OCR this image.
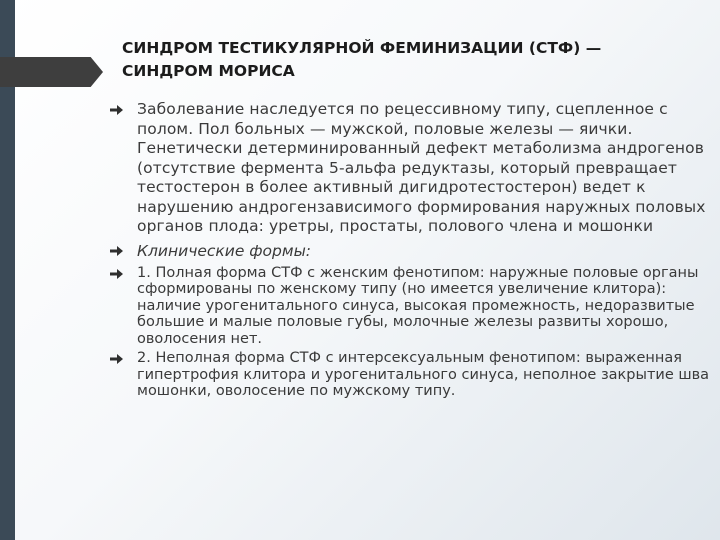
СИНДРОМ ТЕСТИКУЛЯРНОЙ ФЕМИНИЗАЦИИ (СТФ) — СИНДРОМ МОРИСА
Заболевание наследуется по рецессивному типу, сцепленное с полом. Пол больных — мужской, половые железы — яички. Генетически детерминированный дефект метаболизма андрогенов (отсутствие фермента 5-альфа редуктазы, который превращает тестостерон в более активный дигидротестостерон) ведет к нарушению андрогензависимого формирования наружных половых органов плода: уретры, простаты, полового члена и мошонки
Клинические формы:
1. Полная форма СТФ с женским фенотипом: наружные половые органы сформированы по женскому типу (но имеется увеличение клитора): наличие урогенитального синуса, высокая промежность, недоразвитые большие и малые половые губы, молочные железы развиты хорошо, оволосения нет.
2. Неполная форма СТФ с интерсексуальным фенотипом: выраженная гипертрофия клитора и урогенитального синуса, неполное закрытие шва мошонки, оволосение по мужскому типу.
